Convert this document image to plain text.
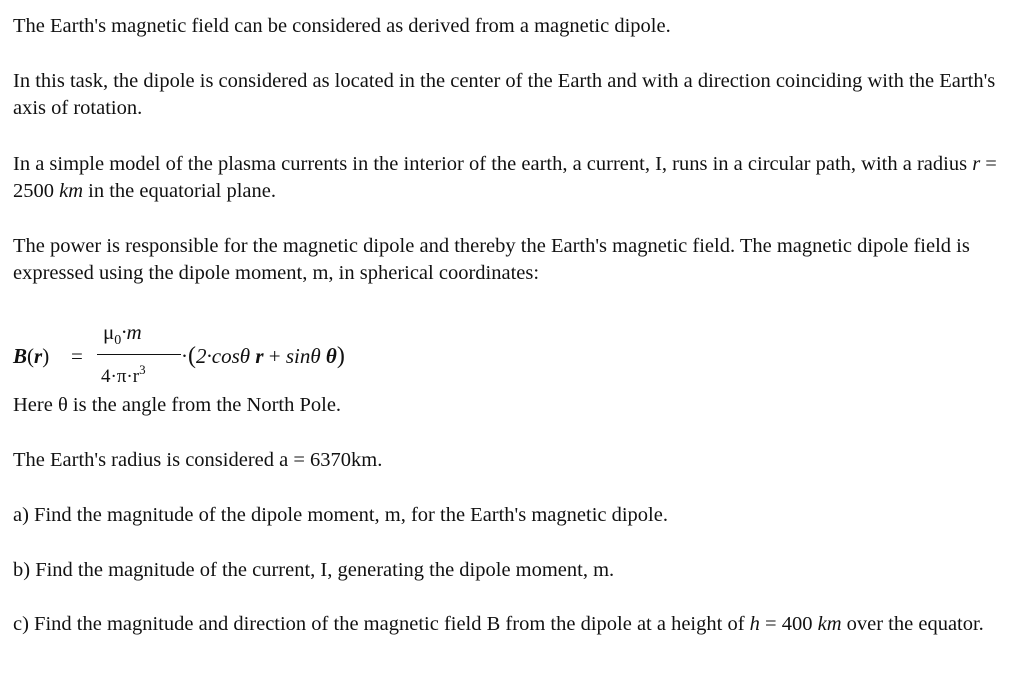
The Earth's magnetic field can be considered as derived from a magnetic dipole.

In this task, the dipole is considered as located in the center of the Earth and with a direction coinciding with the Earth's axis of rotation.

In a simple model of the plasma currents in the interior of the earth, a current, I, runs in a circular path, with a radius r = 2500 km in the equatorial plane.

The power is responsible for the magnetic dipole and thereby the Earth's magnetic field. The magnetic dipole field is expressed using the dipole moment, m, in spherical coordinates:

B(r) =
$\mu_0\cdot m$
$4\cdot\pi\cdot r^3$
·(2·cosθ r + sinθ θ)

Here θ is the angle from the North Pole.

The Earth's radius is considered a = 6370km.

a) Find the magnitude of the dipole moment, m, for the Earth's magnetic dipole.

b) Find the magnitude of the current, I, generating the dipole moment, m.

c) Find the magnitude and direction of the magnetic field B from the dipole at a height of h = 400 km over the equator.
